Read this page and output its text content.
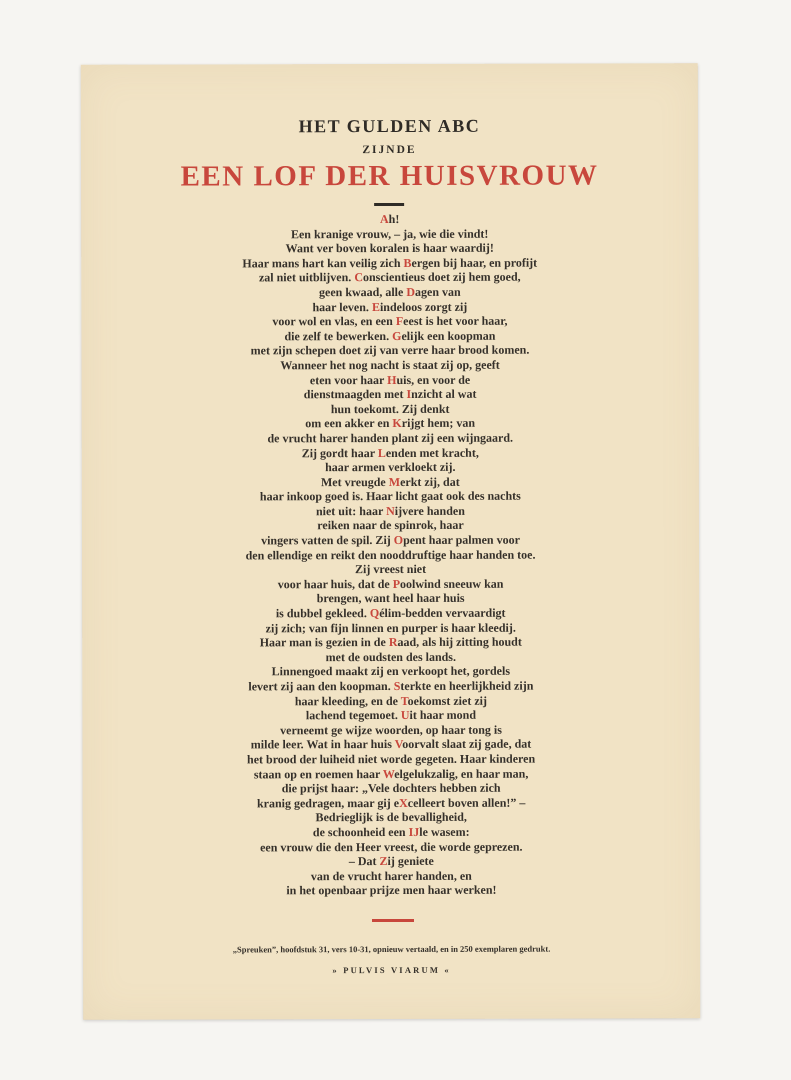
HET GULDEN ABC
ZIJNDE
EEN LOF DER HUISVROUW
Ah!
Een kranige vrouw, – ja, wie die vindt!
Want ver boven koralen is haar waardij!
Haar mans hart kan veilig zich Bergen bij haar, en profijt
zal niet uitblijven. Conscientieus doet zij hem goed,
geen kwaad, alle Dagen van
haar leven. Eindeloos zorgt zij
voor wol en vlas, en een Feest is het voor haar,
die zelf te bewerken. Gelijk een koopman
met zijn schepen doet zij van verre haar brood komen.
Wanneer het nog nacht is staat zij op, geeft
eten voor haar Huis, en voor de
dienstmaagden met Inzicht al wat
hun toekomt. Zij denkt
om een akker en Krijgt hem; van
de vrucht harer handen plant zij een wijngaard.
Zij gordt haar Lenden met kracht,
haar armen verkloekt zij.
Met vreugde Merkt zij, dat
haar inkoop goed is. Haar licht gaat ook des nachts
niet uit: haar Nijvere handen
reiken naar de spinrok, haar
vingers vatten de spil. Zij Opent haar palmen voor
den ellendige en reikt den nooddruftige haar handen toe.
Zij vreest niet
voor haar huis, dat de Poolwind sneeuw kan
brengen, want heel haar huis
is dubbel gekleed. Qélim-bedden vervaardigt
zij zich; van fijn linnen en purper is haar kleedij.
Haar man is gezien in de Raad, als hij zitting houdt
met de oudsten des lands.
Linnengoed maakt zij en verkoopt het, gordels
levert zij aan den koopman. Sterkte en heerlijkheid zijn
haar kleeding, en de Toekomst ziet zij
lachend tegemoet. Uit haar mond
verneemt ge wijze woorden, op haar tong is
milde leer. Wat in haar huis Voorvalt slaat zij gade, dat
het brood der luiheid niet worde gegeten. Haar kinderen
staan op en roemen haar Welgelukzalig, en haar man,
die prijst haar: „Vele dochters hebben zich
kranig gedragen, maar gij eXcelleert boven allen!” –
Bedrieglijk is de bevalligheid,
de schoonheid een IJle wasem:
een vrouw die den Heer vreest, die worde geprezen.
– Dat Zij geniete
van de vrucht harer handen, en
in het openbaar prijze men haar werken!
„Spreuken”, hoofdstuk 31, vers 10-31, opnieuw vertaald, en in 250 exemplaren gedrukt.
» PULVIS VIARUM «
